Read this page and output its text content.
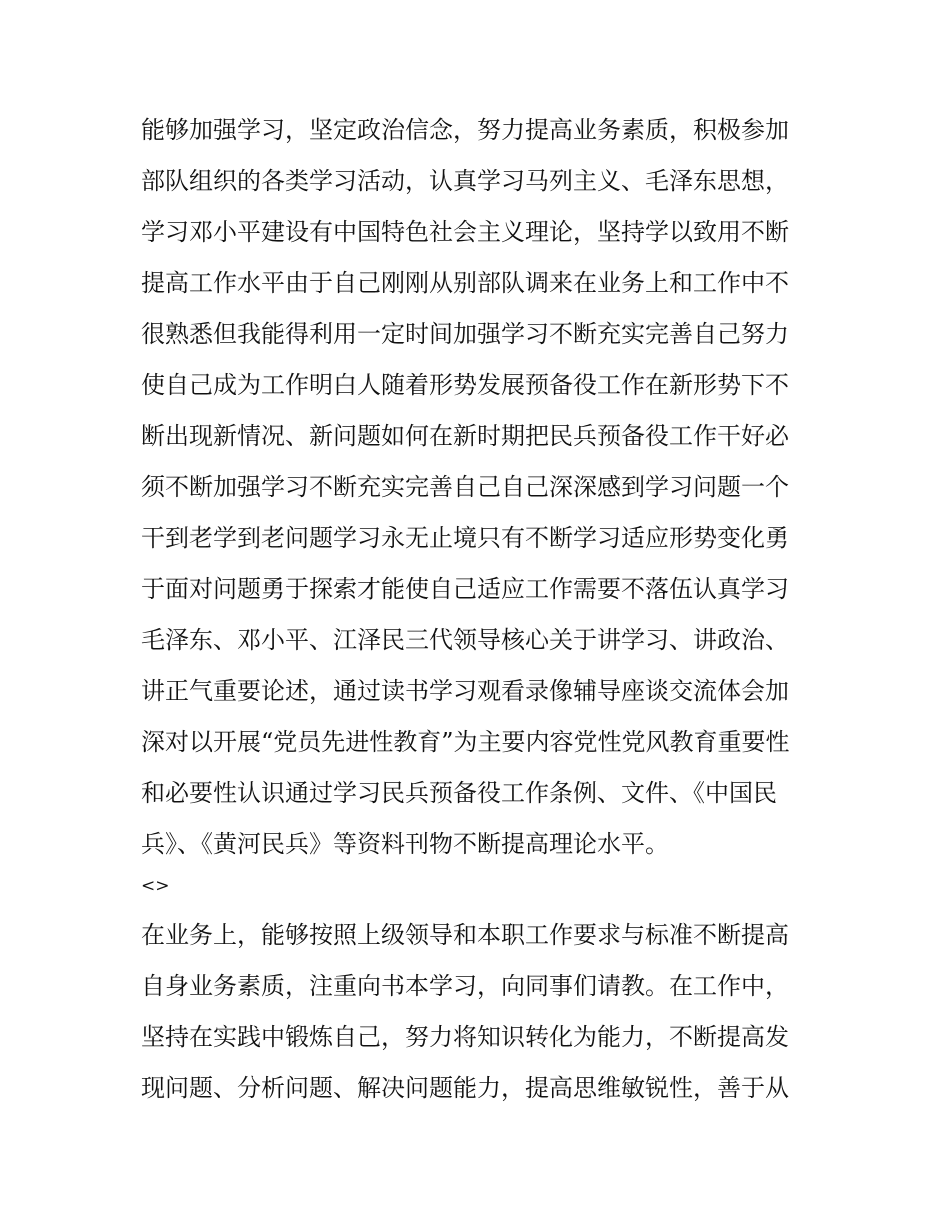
能够加强学习，坚定政治信念，努力提高业务素质，积极参加
部队组织的各类学习活动，认真学习马列主义、毛泽东思想，
学习邓小平建设有中国特色社会主义理论，坚持学以致用不断
提高工作水平由于自己刚刚从别部队调来在业务上和工作中不
很熟悉但我能得利用一定时间加强学习不断充实完善自己努力
使自己成为工作明白人随着形势发展预备役工作在新形势下不
断出现新情况、新问题如何在新时期把民兵预备役工作干好必
须不断加强学习不断充实完善自己自己深深感到学习问题一个
干到老学到老问题学习永无止境只有不断学习适应形势变化勇
于面对问题勇于探索才能使自己适应工作需要不落伍认真学习
毛泽东、邓小平、江泽民三代领导核心关于讲学习、讲政治、
讲正气重要论述，通过读书学习观看录像辅导座谈交流体会加
深对以开展“党员先进性教育”为主要内容党性党风教育重要性
和必要性认识通过学习民兵预备役工作条例、文件、《中国民
兵》、《黄河民兵》等资料刊物不断提高理论水平。
<>
在业务上，能够按照上级领导和本职工作要求与标准不断提高
自身业务素质，注重向书本学习，向同事们请教。在工作中，
坚持在实践中锻炼自己，努力将知识转化为能力，不断提高发
现问题、分析问题、解决问题能力，提高思维敏锐性，善于从
